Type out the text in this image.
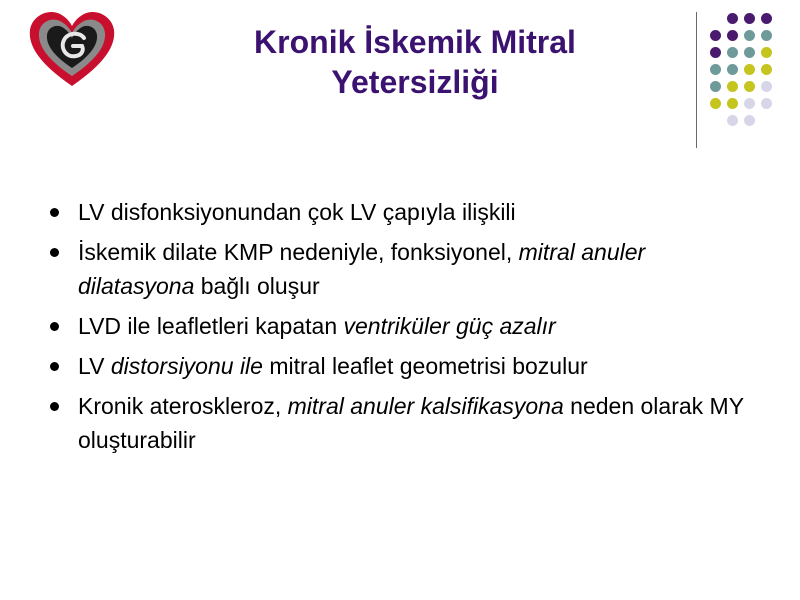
Kronik İskemik Mitral
Yetersizliği
LV disfonksiyonundan çok LV çapıyla ilişkili
İskemik dilate KMP nedeniyle, fonksiyonel, mitral anuler dilatasyona bağlı oluşur
LVD ile leafletleri kapatan ventriküler güç azalır
LV distorsiyonu ile mitral leaflet geometrisi bozulur
Kronik ateroskleroz, mitral anuler kalsifikasyona neden olarak MY oluşturabilir
